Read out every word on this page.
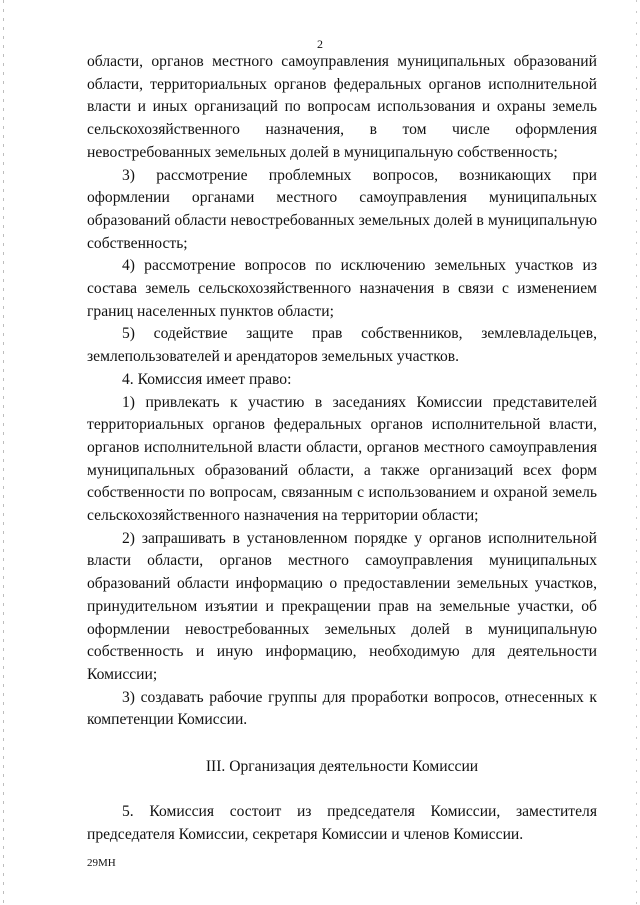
2

области, органов местного самоуправления муниципальных образований области, территориальных органов федеральных органов исполнительной власти и иных организаций по вопросам использования и охраны земель сельскохозяйственного назначения, в том числе оформления невостребованных земельных долей в муниципальную собственность;

3) рассмотрение проблемных вопросов, возникающих при оформлении органами местного самоуправления муниципальных образований области невостребованных земельных долей в муниципальную собственность;

4) рассмотрение вопросов по исключению земельных участков из состава земель сельскохозяйственного назначения в связи с изменением границ населенных пунктов области;

5) содействие защите прав собственников, землевладельцев, землепользователей и арендаторов земельных участков.

4. Комиссия имеет право:

1) привлекать к участию в заседаниях Комиссии представителей территориальных органов федеральных органов исполнительной власти, органов исполнительной власти области, органов местного самоуправления муниципальных образований области, а также организаций всех форм собственности по вопросам, связанным с использованием и охраной земель сельскохозяйственного назначения на территории области;

2) запрашивать в установленном порядке у органов исполнительной власти области, органов местного самоуправления муниципальных образований области информацию о предоставлении земельных участков, принудительном изъятии и прекращении прав на земельные участки, об оформлении невостребованных земельных долей в муниципальную собственность и иную информацию, необходимую для деятельности Комиссии;

3) создавать рабочие группы для проработки вопросов, отнесенных к компетенции Комиссии.

III. Организация деятельности Комиссии

5. Комиссия состоит из председателя Комиссии, заместителя председателя Комиссии, секретаря Комиссии и членов Комиссии.

29МН
